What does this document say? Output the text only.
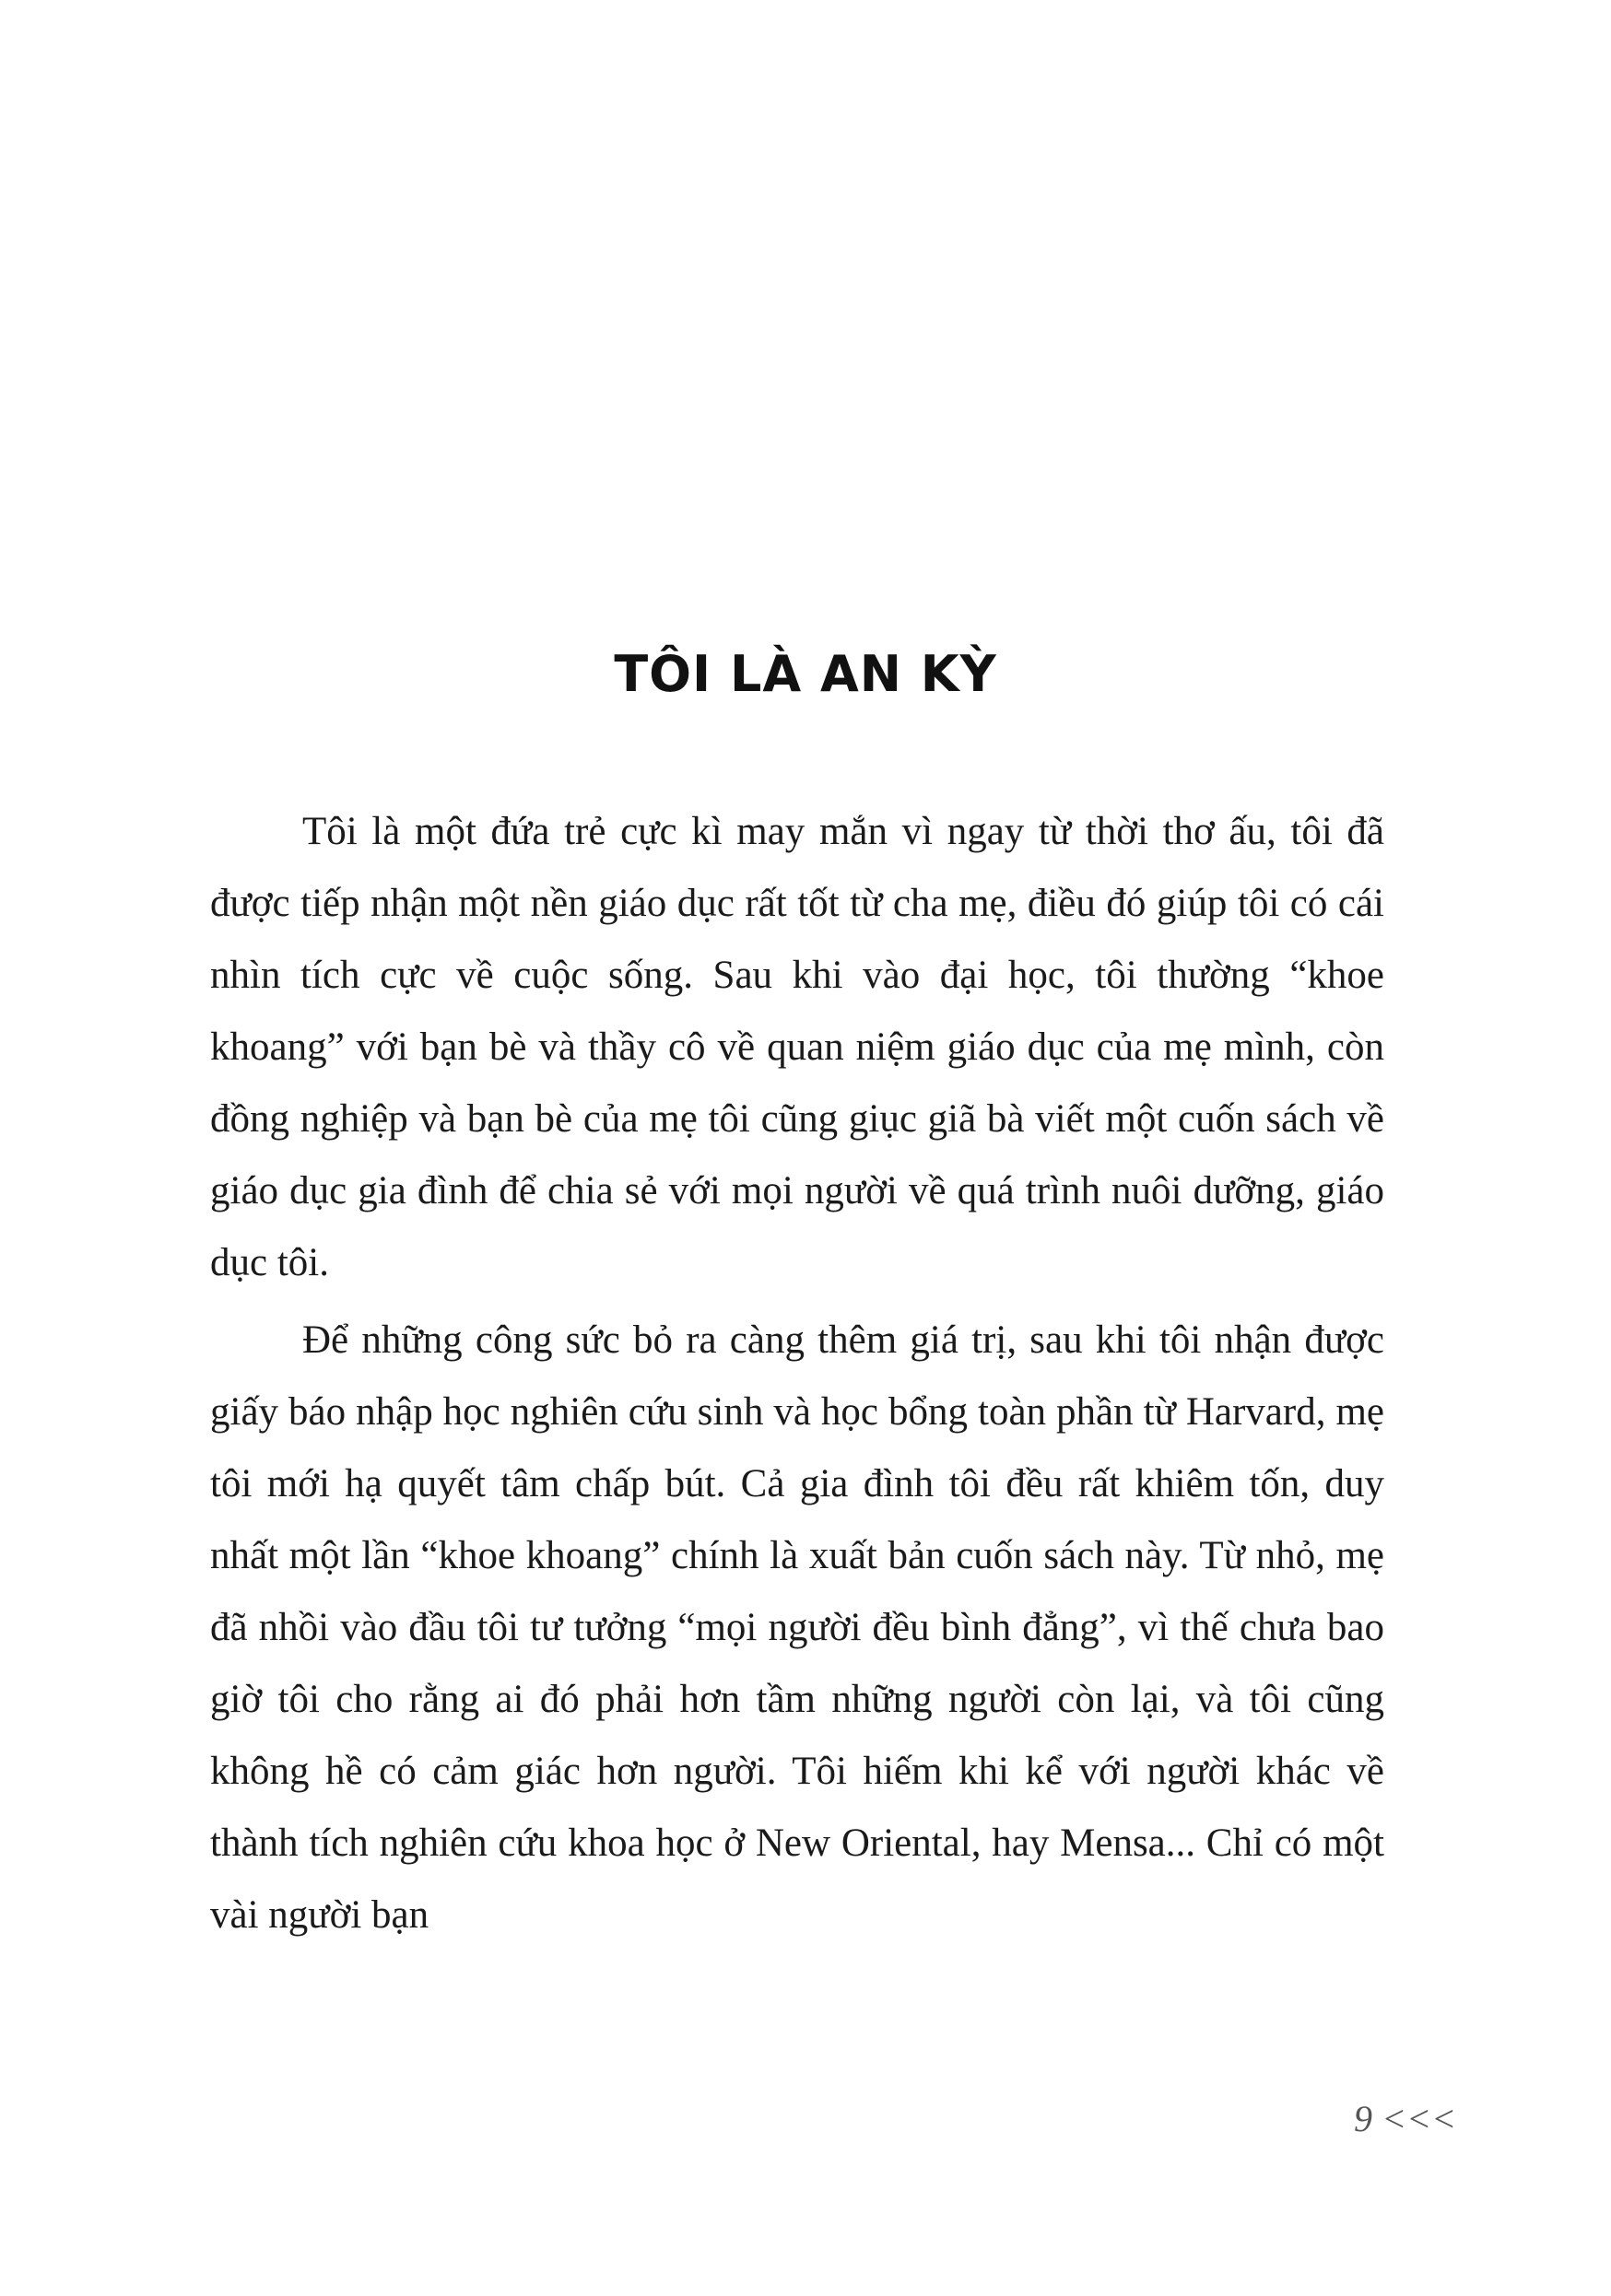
TÔI LÀ AN KỲ

Tôi là một đứa trẻ cực kì may mắn vì ngay từ thời thơ ấu, tôi đã được tiếp nhận một nền giáo dục rất tốt từ cha mẹ, điều đó giúp tôi có cái nhìn tích cực về cuộc sống. Sau khi vào đại học, tôi thường “khoe khoang” với bạn bè và thầy cô về quan niệm giáo dục của mẹ mình, còn đồng nghiệp và bạn bè của mẹ tôi cũng giục giã bà viết một cuốn sách về giáo dục gia đình để chia sẻ với mọi người về quá trình nuôi dưỡng, giáo dục tôi.

Để những công sức bỏ ra càng thêm giá trị, sau khi tôi nhận được giấy báo nhập học nghiên cứu sinh và học bổng toàn phần từ Harvard, mẹ tôi mới hạ quyết tâm chấp bút. Cả gia đình tôi đều rất khiêm tốn, duy nhất một lần “khoe khoang” chính là xuất bản cuốn sách này. Từ nhỏ, mẹ đã nhồi vào đầu tôi tư tưởng “mọi người đều bình đẳng”, vì thế chưa bao giờ tôi cho rằng ai đó phải hơn tầm những người còn lại, và tôi cũng không hề có cảm giác hơn người. Tôi hiếm khi kể với người khác về thành tích nghiên cứu khoa học ở New Oriental, hay Mensa... Chỉ có một vài người bạn

9 <<<
